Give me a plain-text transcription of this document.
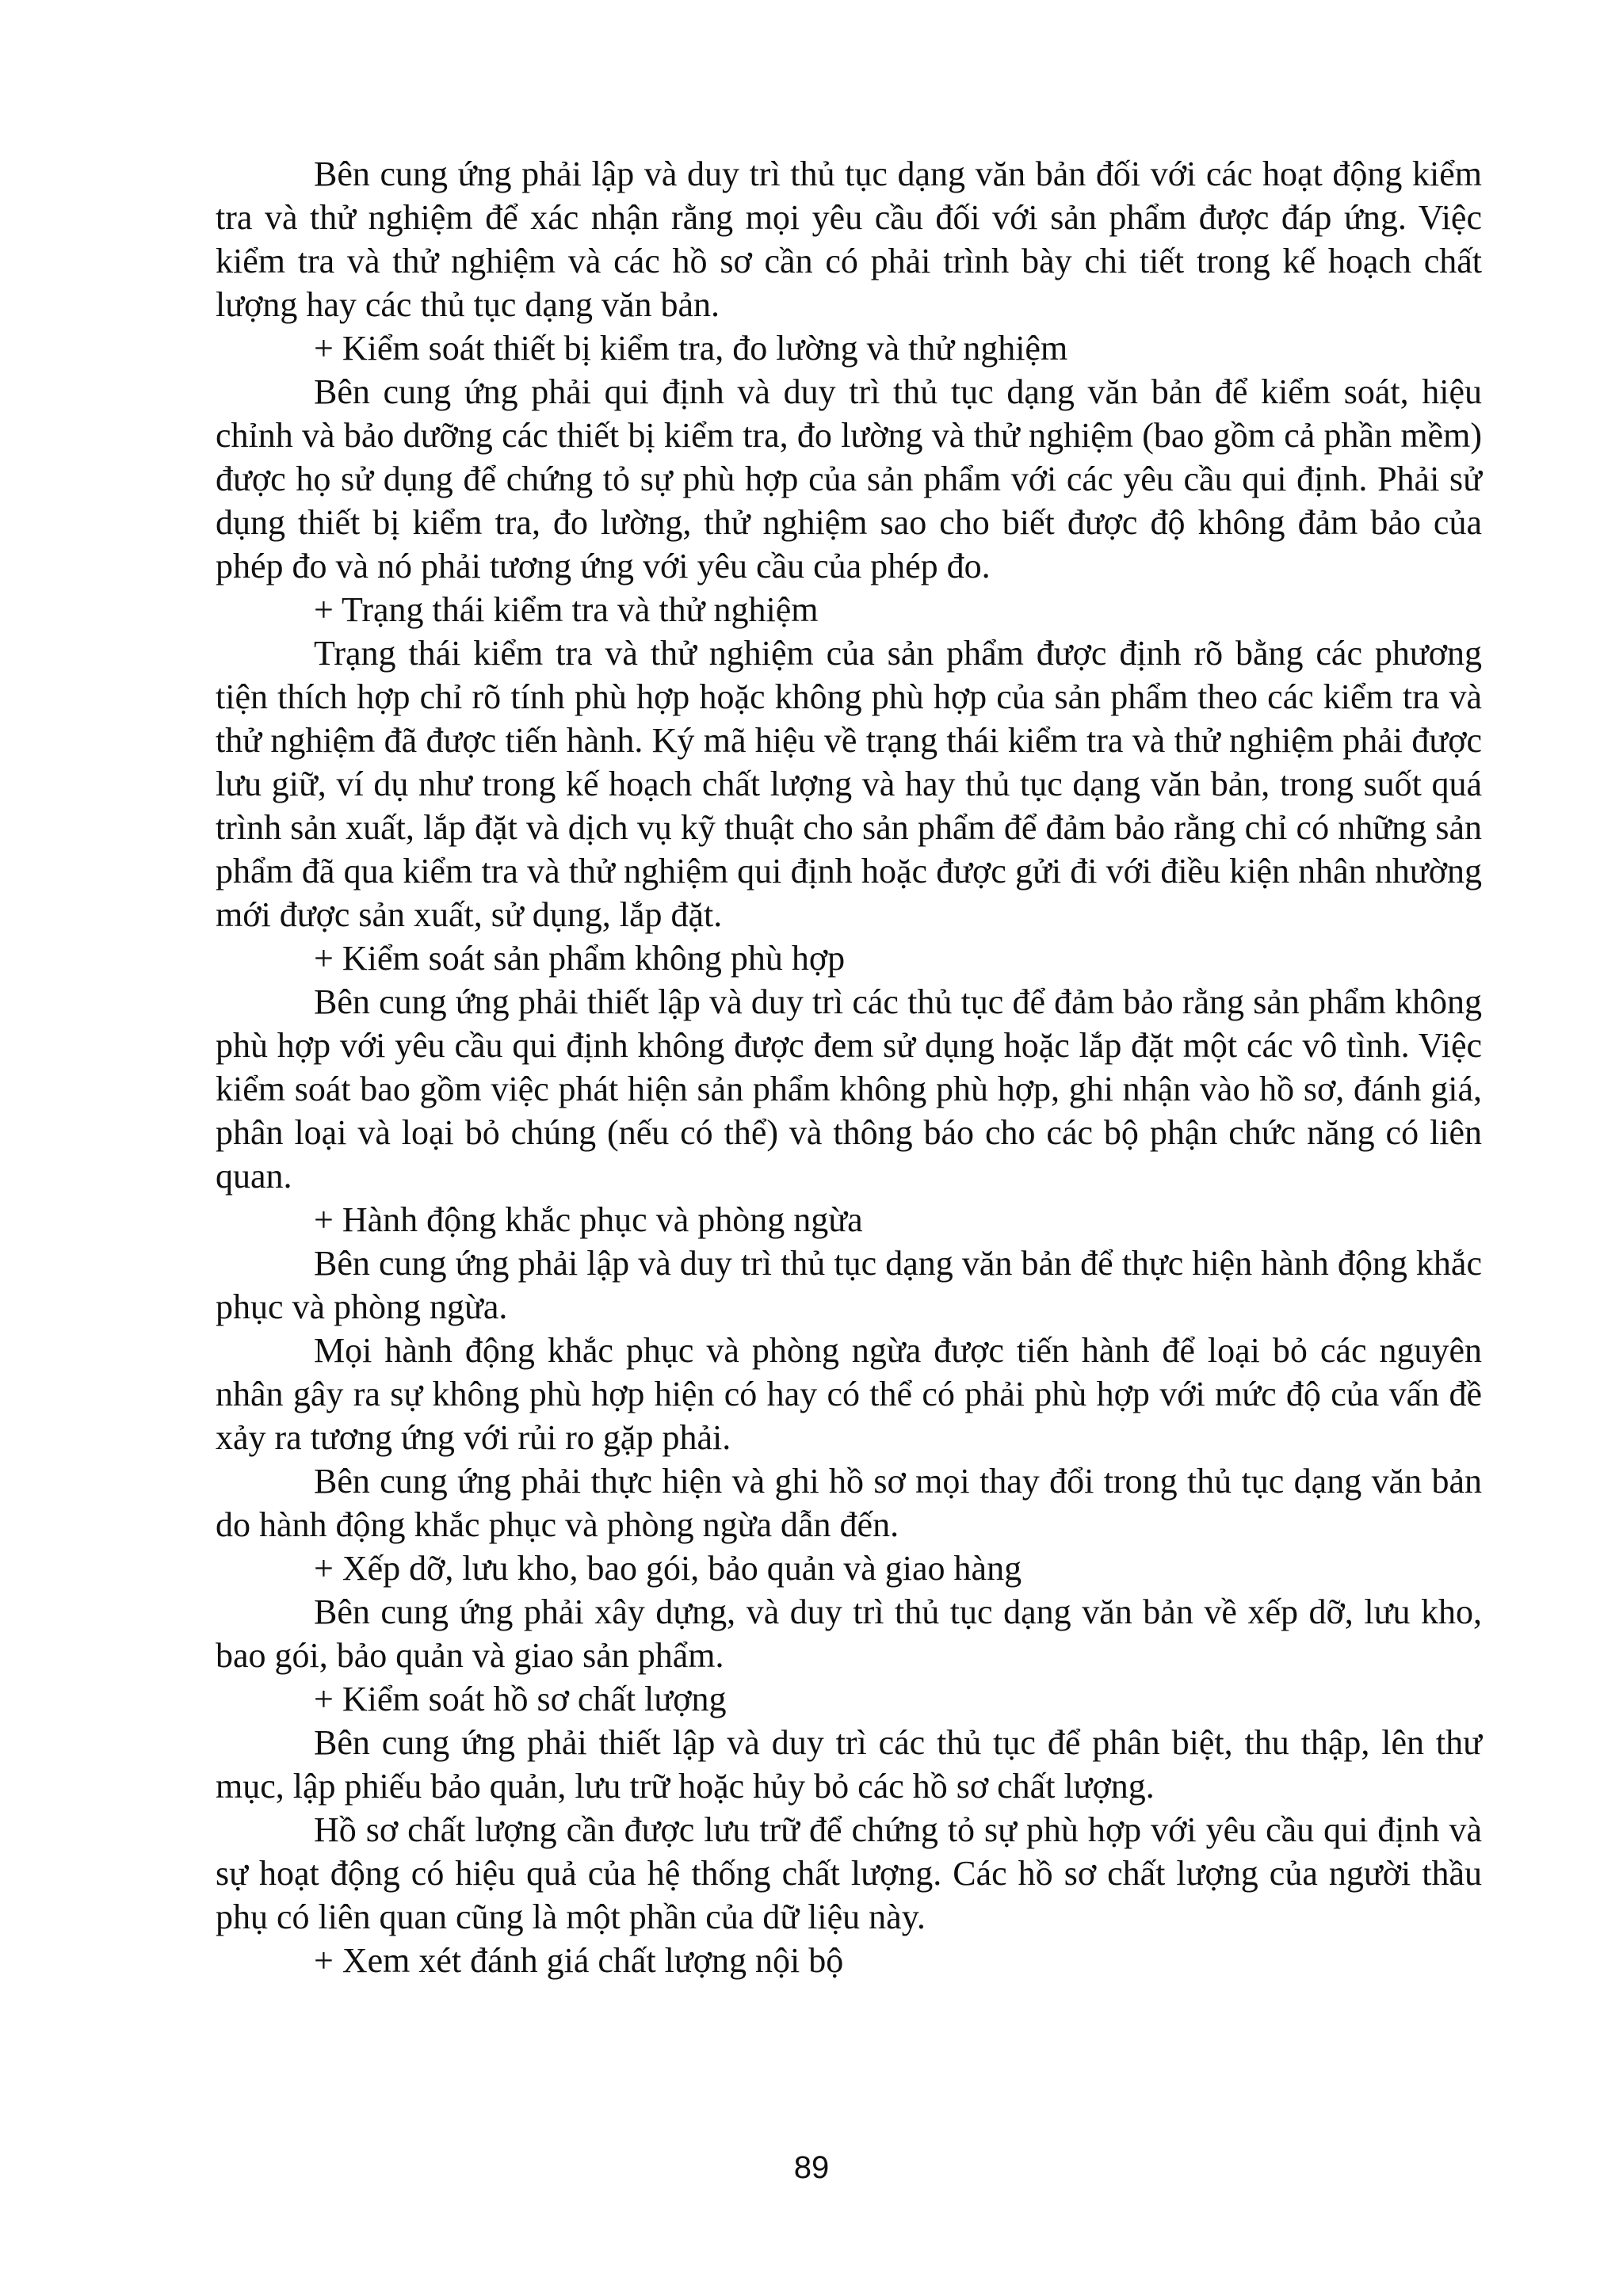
Bên cung ứng phải lập và duy trì thủ tục dạng văn bản đối với các hoạt động kiểm tra và thử nghiệm để xác nhận rằng mọi yêu cầu đối với sản phẩm được đáp ứng. Việc kiểm tra và thử nghiệm và các hồ sơ cần có phải trình bày chi tiết trong kế hoạch chất lượng hay các thủ tục dạng văn bản.

+ Kiểm soát thiết bị kiểm tra, đo lường và thử nghiệm

Bên cung ứng phải qui định và duy trì thủ tục dạng văn bản để kiểm soát, hiệu chỉnh và bảo dưỡng các thiết bị kiểm tra, đo lường và thử nghiệm (bao gồm cả phần mềm) được họ sử dụng để chứng tỏ sự phù hợp của sản phẩm với các yêu cầu qui định. Phải sử dụng thiết bị kiểm tra, đo lường, thử nghiệm sao cho biết được độ không đảm bảo của phép đo và nó phải tương ứng với yêu cầu của phép đo.

+ Trạng thái kiểm tra và thử nghiệm

Trạng thái kiểm tra và thử nghiệm của sản phẩm được định rõ bằng các phương tiện thích hợp chỉ rõ tính phù hợp hoặc không phù hợp của sản phẩm theo các kiểm tra và thử nghiệm đã được tiến hành. Ký mã hiệu về trạng thái kiểm tra và thử nghiệm phải được lưu giữ, ví dụ như trong kế hoạch chất lượng và hay thủ tục dạng văn bản, trong suốt quá trình sản xuất, lắp đặt và dịch vụ kỹ thuật cho sản phẩm để đảm bảo rằng chỉ có những sản phẩm đã qua kiểm tra và thử nghiệm qui định hoặc được gửi đi với điều kiện nhân nhường mới được sản xuất, sử dụng, lắp đặt.

+ Kiểm soát sản phẩm không phù hợp

Bên cung ứng phải thiết lập và duy trì các thủ tục để đảm bảo rằng sản phẩm không phù hợp với yêu cầu qui định không được đem sử dụng hoặc lắp đặt một các vô tình. Việc kiểm soát bao gồm việc phát hiện sản phẩm không phù hợp, ghi nhận vào hồ sơ, đánh giá, phân loại và loại bỏ chúng (nếu có thể) và thông báo cho các bộ phận chức năng có liên quan.

+ Hành động khắc phục và phòng ngừa

Bên cung ứng phải lập và duy trì thủ tục dạng văn bản để thực hiện hành động khắc phục và phòng ngừa.

Mọi hành động khắc phục và phòng ngừa được tiến hành để loại bỏ các nguyên nhân gây ra sự không phù hợp hiện có hay có thể có phải phù hợp với mức độ của vấn đề xảy ra tương ứng với rủi ro gặp phải.

Bên cung ứng phải thực hiện và ghi hồ sơ mọi thay đổi trong thủ tục dạng văn bản do hành động khắc phục và phòng ngừa dẫn đến.

+ Xếp dỡ, lưu kho, bao gói, bảo quản và giao hàng

Bên cung ứng phải xây dựng, và duy trì thủ tục dạng văn bản về xếp dỡ, lưu kho, bao gói, bảo quản và giao sản phẩm.

+ Kiểm soát hồ sơ chất lượng

Bên cung ứng phải thiết lập và duy trì các thủ tục để phân biệt, thu thập, lên thư mục, lập phiếu bảo quản, lưu trữ hoặc hủy bỏ các hồ sơ chất lượng.

Hồ sơ chất lượng cần được lưu trữ để chứng tỏ sự phù hợp với yêu cầu qui định và sự hoạt động có hiệu quả của hệ thống chất lượng. Các hồ sơ chất lượng của người thầu phụ có liên quan cũng là một phần của dữ liệu này.

+ Xem xét đánh giá chất lượng nội bộ

89
